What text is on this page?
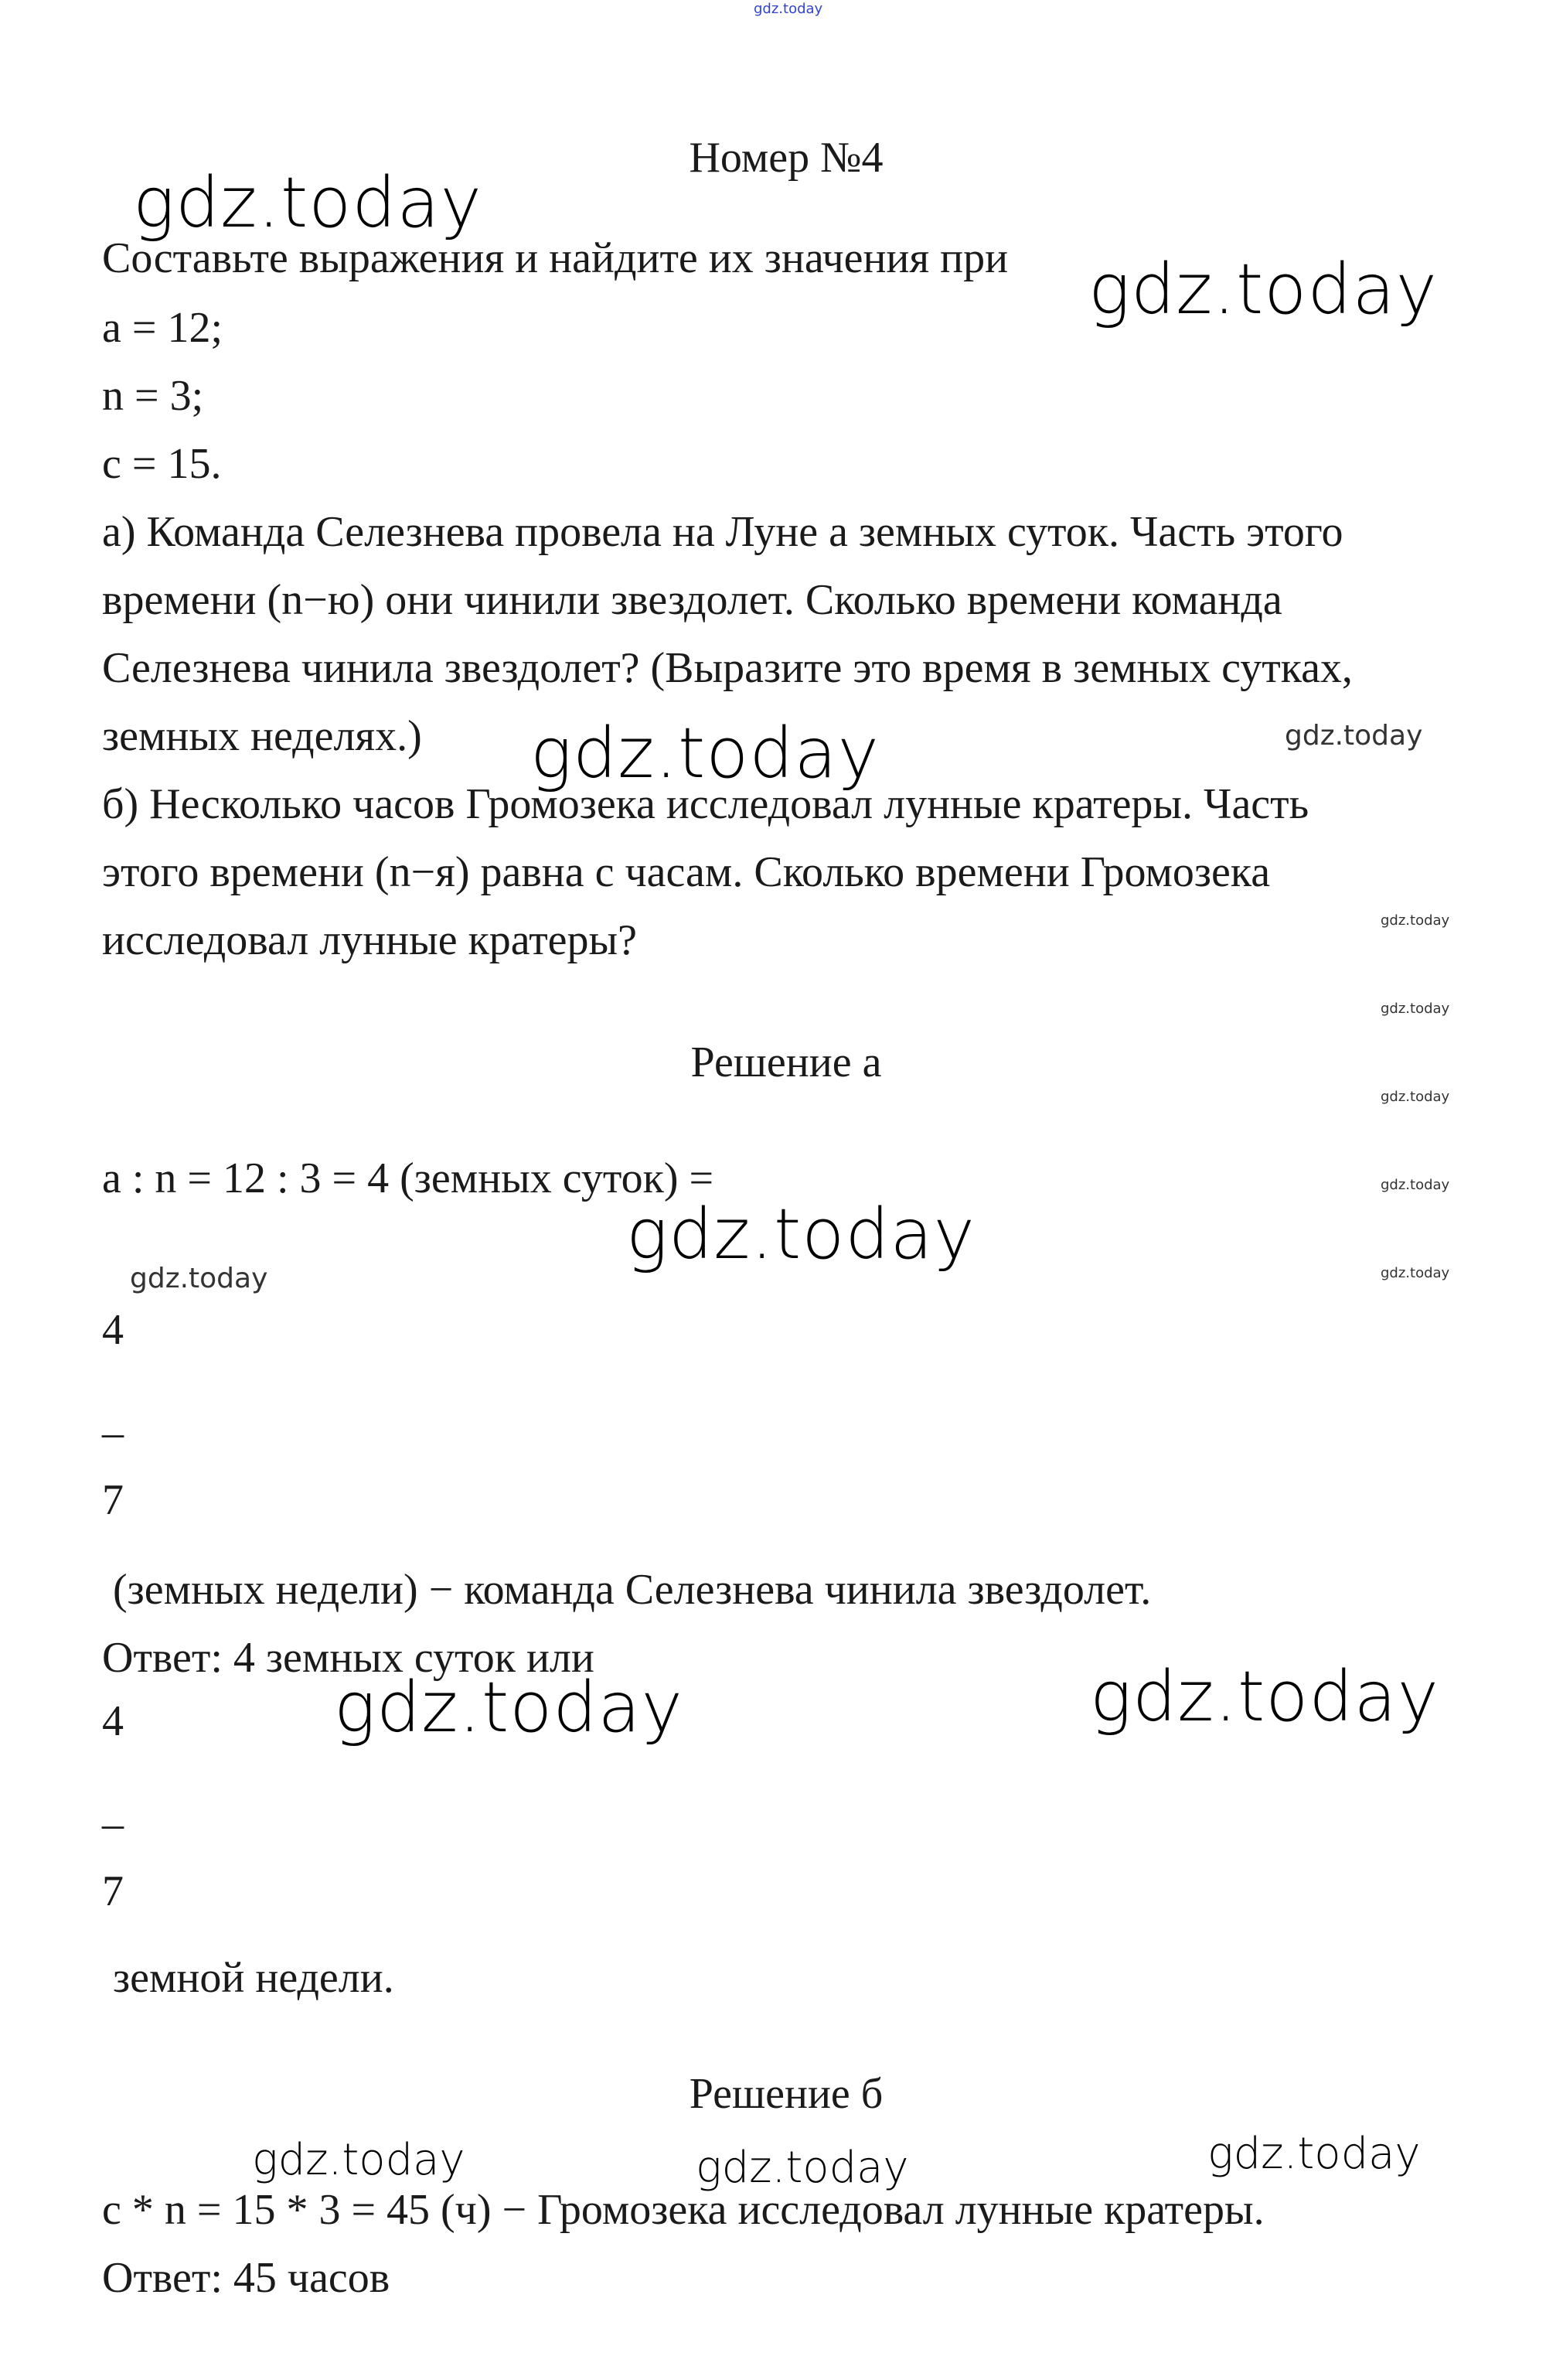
gdz.today
gdz.today
gdz.today
gdz.today	gdz.today
gdz.today
gdz.today
gdz.today
gdz.today
gdz.today
gdz.today
gdz.today
gdz.today	gdz.today
gdz.today	gdz.today	gdz.today
Номер №4
Составьте выражения и найдите их значения при
a = 12;
n = 3;
c = 15.
а) Команда Селезнева провела на Луне a земных суток. Часть этого
времени (n−ю) они чинили звездолет. Сколько времени команда
Селезнева чинила звездолет? (Выразите это время в земных сутках,
земных неделях.)
б) Несколько часов Громозека исследовал лунные кратеры. Часть
этого времени (n−я) равна c часам. Сколько времени Громозека
исследовал лунные кратеры?
Решение а
a : n = 12 : 3 = 4 (земных суток) =
4
_
7
(земных недели) − команда Селезнева чинила звездолет.
Ответ: 4 земных суток или
4
_
7
земной недели.
Решение б
c * n = 15 * 3 = 45 (ч) − Громозека исследовал лунные кратеры.
Ответ: 45 часов
